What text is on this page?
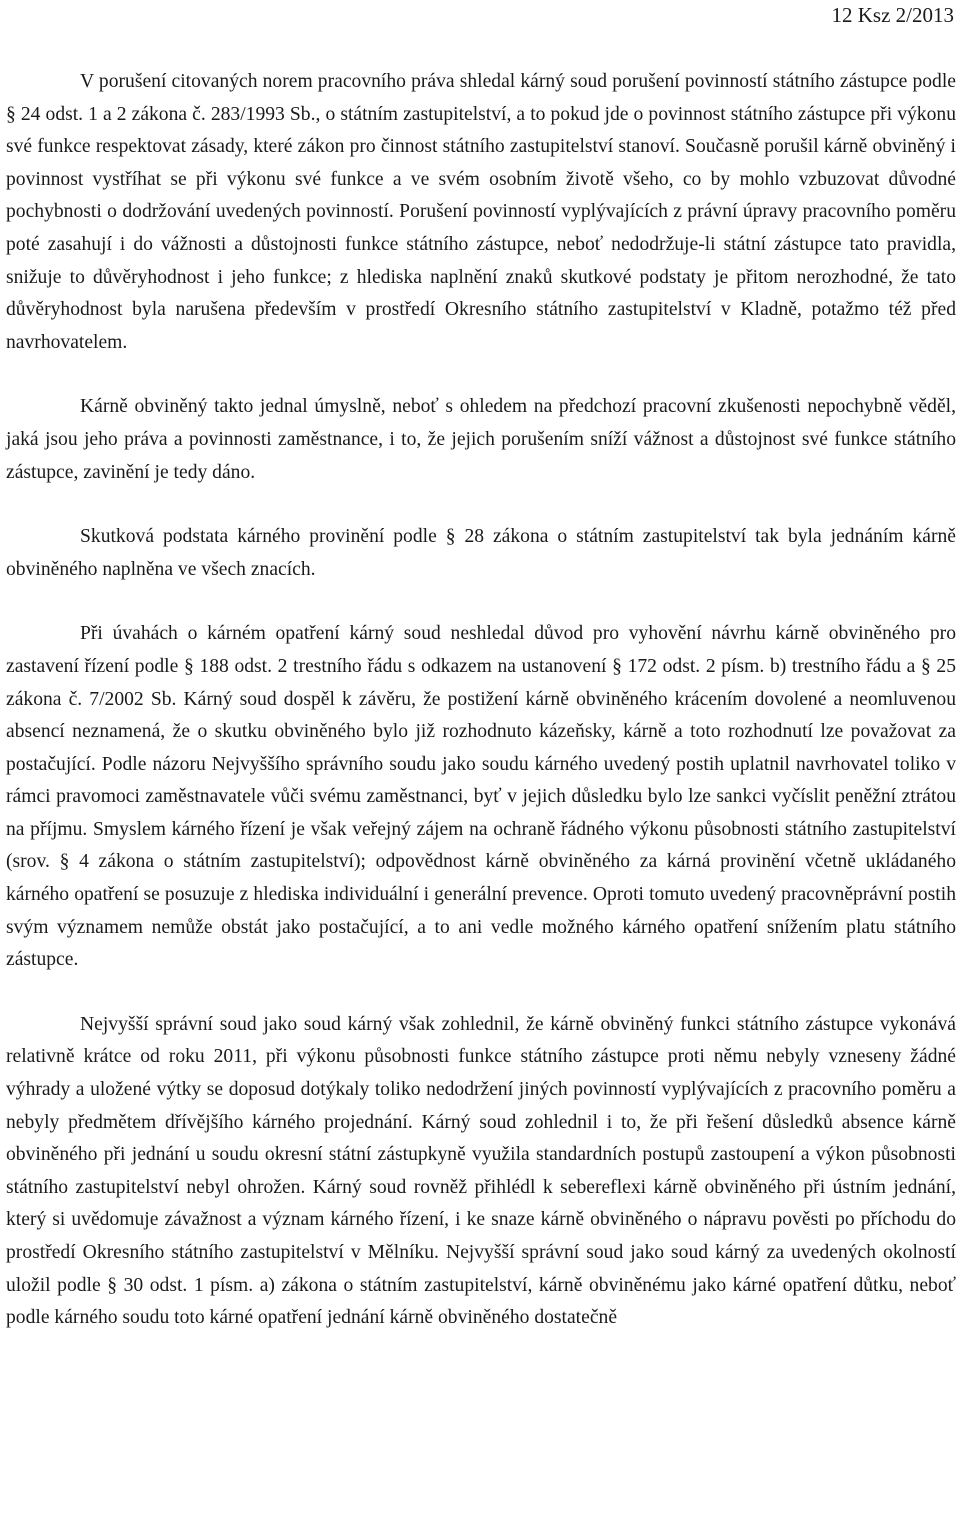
12 Ksz 2/2013

V porušení citovaných norem pracovního práva shledal kárný soud porušení povinností státního zástupce podle § 24 odst. 1 a 2 zákona č. 283/1993 Sb., o státním zastupitelství, a to pokud jde o povinnost státního zástupce při výkonu své funkce respektovat zásady, které zákon pro činnost státního zastupitelství stanoví. Současně porušil kárně obviněný i povinnost vystříhat se při výkonu své funkce a ve svém osobním životě všeho, co by mohlo vzbuzovat důvodné pochybnosti o dodržování uvedených povinností. Porušení povinností vyplývajících z právní úpravy pracovního poměru poté zasahují i do vážnosti a důstojnosti funkce státního zástupce, neboť nedodržuje-li státní zástupce tato pravidla, snižuje to důvěryhodnost i jeho funkce; z hlediska naplnění znaků skutkové podstaty je přitom nerozhodné, že tato důvěryhodnost byla narušena především v prostředí Okresního státního zastupitelství v Kladně, potažmo též před navrhovatelem.

Kárně obviněný takto jednal úmyslně, neboť s ohledem na předchozí pracovní zkušenosti nepochybně věděl, jaká jsou jeho práva a povinnosti zaměstnance, i to, že jejich porušením sníží vážnost a důstojnost své funkce státního zástupce, zavinění je tedy dáno.

Skutková podstata kárného provinění podle § 28 zákona o státním zastupitelství tak byla jednáním kárně obviněného naplněna ve všech znacích.

Při úvahách o kárném opatření kárný soud neshledal důvod pro vyhovění návrhu kárně obviněného pro zastavení řízení podle § 188 odst. 2 trestního řádu s odkazem na ustanovení § 172 odst. 2 písm. b) trestního řádu a § 25 zákona č. 7/2002 Sb. Kárný soud dospěl k závěru, že postižení kárně obviněného krácením dovolené a neomluvenou absencí neznamená, že o skutku obviněného bylo již rozhodnuto kázeňsky, kárně a toto rozhodnutí lze považovat za postačující. Podle názoru Nejvyššího správního soudu jako soudu kárného uvedený postih uplatnil navrhovatel toliko v rámci pravomoci zaměstnavatele vůči svému zaměstnanci, byť v jejich důsledku bylo lze sankci vyčíslit peněžní ztrátou na příjmu. Smyslem kárného řízení je však veřejný zájem na ochraně řádného výkonu působnosti státního zastupitelství (srov. § 4 zákona o státním zastupitelství); odpovědnost kárně obviněného za kárná provinění včetně ukládaného kárného opatření se posuzuje z hlediska individuální i generální prevence. Oproti tomuto uvedený pracovněprávní postih svým významem nemůže obstát jako postačující, a to ani vedle možného kárného opatření snížením platu státního zástupce.

Nejvyšší správní soud jako soud kárný však zohlednil, že kárně obviněný funkci státního zástupce vykonává relativně krátce od roku 2011, při výkonu působnosti funkce státního zástupce proti němu nebyly vzneseny žádné výhrady a uložené výtky se doposud dotýkaly toliko nedodržení jiných povinností vyplývajících z pracovního poměru a nebyly předmětem dřívějšího kárného projednání. Kárný soud zohlednil i to, že při řešení důsledků absence kárně obviněného při jednání u soudu okresní státní zástupkyně využila standardních postupů zastoupení a výkon působnosti státního zastupitelství nebyl ohrožen. Kárný soud rovněž přihlédl k sebereflexi kárně obviněného při ústním jednání, který si uvědomuje závažnost a význam kárného řízení, i ke snaze kárně obviněného o nápravu pověsti po příchodu do prostředí Okresního státního zastupitelství v Mělníku. Nejvyšší správní soud jako soud kárný za uvedených okolností uložil podle § 30 odst. 1 písm. a) zákona o státním zastupitelství, kárně obviněnému jako kárné opatření důtku, neboť podle kárného soudu toto kárné opatření jednání kárně obviněného dostatečně
